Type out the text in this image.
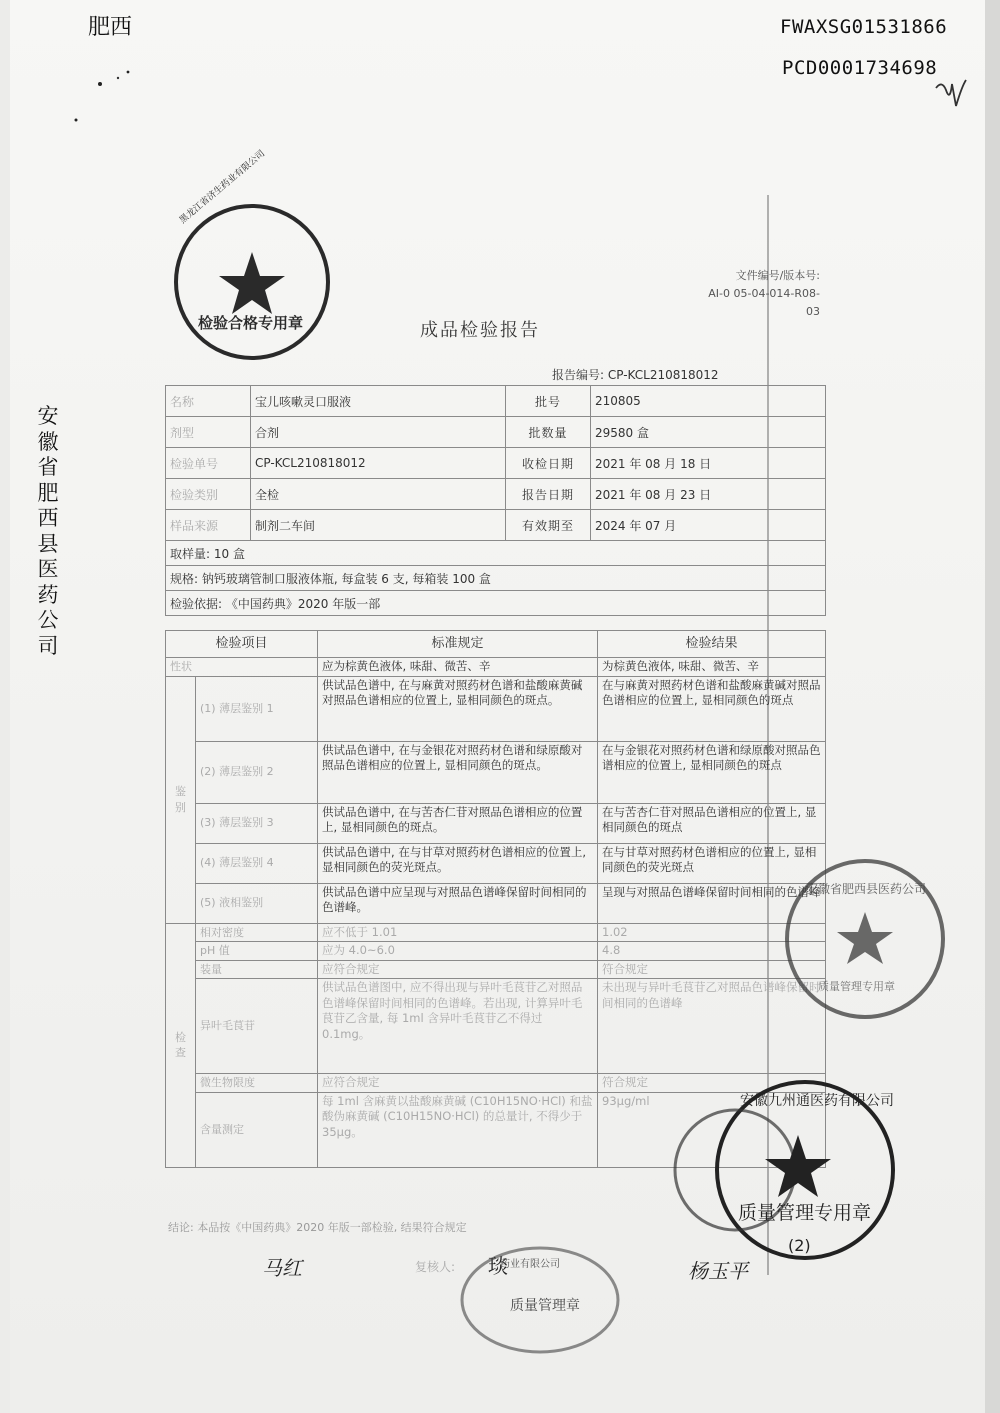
肥西	FWAXSG01531866
PCD0001734698
安徽省肥西县医药公司
文件编号/版本号:
AI-0 05-04-014-R08-03
成品检验报告
报告编号: CP-KCL210818012
名称	宝儿咳嗽灵口服液	批号	210805
剂型	合剂	批数量	29580 盒
检验单号	CP-KCL210818012	收检日期	2021 年 08 月 18 日
检验类别	全检	报告日期	2021 年 08 月 23 日
样品来源	制剂二车间	有效期至	2024 年 07 月
取样量: 10 盒			
规格: 钠钙玻璃管制口服液体瓶, 每盒装 6 支, 每箱装 100 盒			
检验依据: 《中国药典》2020 年版一部			
检验项目		标准规定	检验结果
性状		应为棕黄色液体, 味甜、微苦、辛	为棕黄色液体, 味甜、微苦、辛
鉴别	(1) 薄层鉴别 1	供试品色谱中, 在与麻黄对照药材色谱和盐酸麻黄碱对照品色谱相应的位置上, 显相同颜色的斑点。	在与麻黄对照药材色谱和盐酸麻黄碱对照品色谱相应的位置上, 显相同颜色的斑点
	(2) 薄层鉴别 2	供试品色谱中, 在与金银花对照药材色谱和绿原酸对照品色谱相应的位置上, 显相同颜色的斑点。	在与金银花对照药材色谱和绿原酸对照品色谱相应的位置上, 显相同颜色的斑点
	(3) 薄层鉴别 3	供试品色谱中, 在与苦杏仁苷对照品色谱相应的位置上, 显相同颜色的斑点。	在与苦杏仁苷对照品色谱相应的位置上, 显相同颜色的斑点
	(4) 薄层鉴别 4	供试品色谱中, 在与甘草对照药材色谱相应的位置上, 显相同颜色的荧光斑点。	在与甘草对照药材色谱相应的位置上, 显相同颜色的荧光斑点
	(5) 液相鉴别	供试品色谱中应呈现与对照品色谱峰保留时间相同的色谱峰。	呈现与对照品色谱峰保留时间相同的色谱峰
检查	相对密度	应不低于 1.01	1.02
	pH 值	应为 4.0~6.0	4.8
	装量	应符合规定	符合规定
	异叶毛茛苷	供试品色谱图中, 应不得出现与异叶毛茛苷乙对照品色谱峰保留时间相同的色谱峰。若出现, 计算异叶毛茛苷乙含量, 每 1ml 含异叶毛茛苷乙不得过 0.1mg。	未出现与异叶毛茛苷乙对照品色谱峰保留时间相同的色谱峰
	微生物限度	应符合规定	符合规定
	含量测定	每 1ml 含麻黄以盐酸麻黄碱 (C10H15NO·HCl) 和盐酸伪麻黄碱 (C10H15NO·HCl) 的总量计, 不得少于 35μg。	93μg/ml
结论: 本品按《中国药典》2020 年版一部检验, 结果符合规定
马红	复核人: 琰	杨玉平
检验合格专用章
黑龙江省济生药业有限公司
安徽省肥西县医药公司
质量管理专用章
安徽九州通医药有限公司
质量管理专用章
(2)
药业有限公司
质量管理章
